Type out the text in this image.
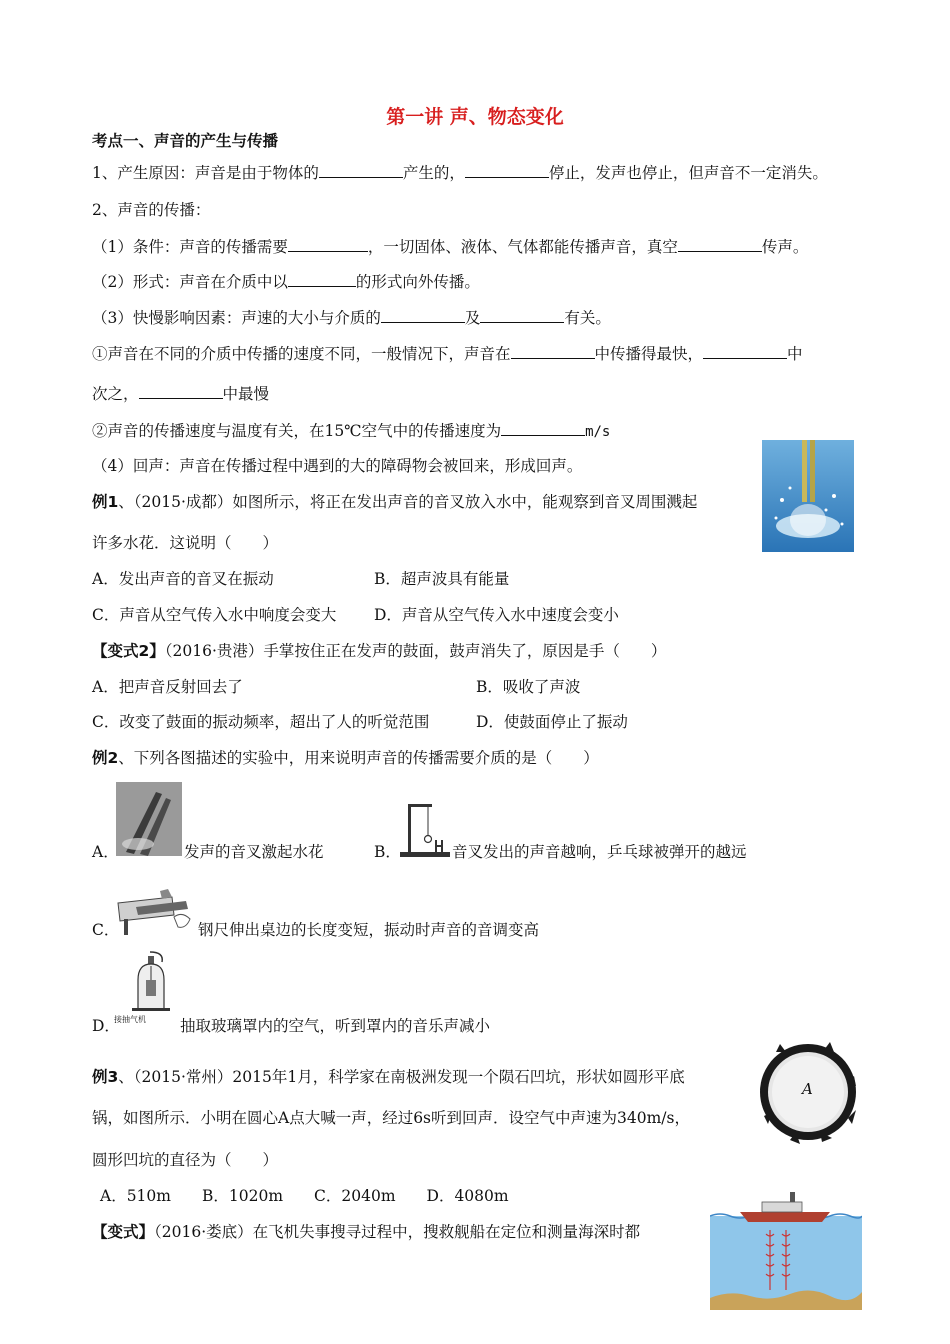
第一讲 声、物态变化
考点一、声音的产生与传播
1、产生原因：声音是由于物体的	产生的，	停止，发声也停止，但声音不一定消失。
2、声音的传播：
（1）条件：声音的传播需要	，一切固体、液体、气体都能传播声音，真空	传声。
（2）形式：声音在介质中以	的形式向外传播。
（3）快慢影响因素：声速的大小与介质的	及	有关。
①声音在不同的介质中传播的速度不同，一般情况下，声音在	中传播得最快，	中
次之，	中最慢
②声音的传播速度与温度有关，在15℃空气中的传播速度为	m/s
（4）回声：声音在传播过程中遇到的大的障碍物会被回来，形成回声。
例1、（2015·成都）如图所示，将正在发出声音的音叉放入水中，能观察到音叉周围溅起
许多水花．这说明（　　）
A．发出声音的音叉在振动	B．超声波具有能量
C．声音从空气传入水中响度会变大 D．声音从空气传入水中速度会变小
【变式2】（2016·贵港）手掌按住正在发声的鼓面，鼓声消失了，原因是手（　　）
A．把声音反射回去了	B．吸收了声波
C．改变了鼓面的振动频率，超出了人的听觉范围	D．使鼓面停止了振动
例2、下列各图描述的实验中，用来说明声音的传播需要介质的是（　　）
A．	发声的音叉激起水花	B．	音叉发出的声音越响，乒乓球被弹开的越远
C．	钢尺伸出桌边的长度变短，振动时声音的音调变高
接抽气机
D．	抽取玻璃罩内的空气，听到罩内的音乐声减小
A
例3、（2015·常州）2015年1月，科学家在南极洲发现一个陨石凹坑，形状如圆形平底
锅，如图所示．小明在圆心A点大喊一声，经过6s听到回声．设空气中声速为340m/s，
圆形凹坑的直径为（　　）
A．510m　　B．1020m　　C．2040m　　D．4080m
【变式】（2016·娄底）在飞机失事搜寻过程中，搜救舰船在定位和测量海深时都
